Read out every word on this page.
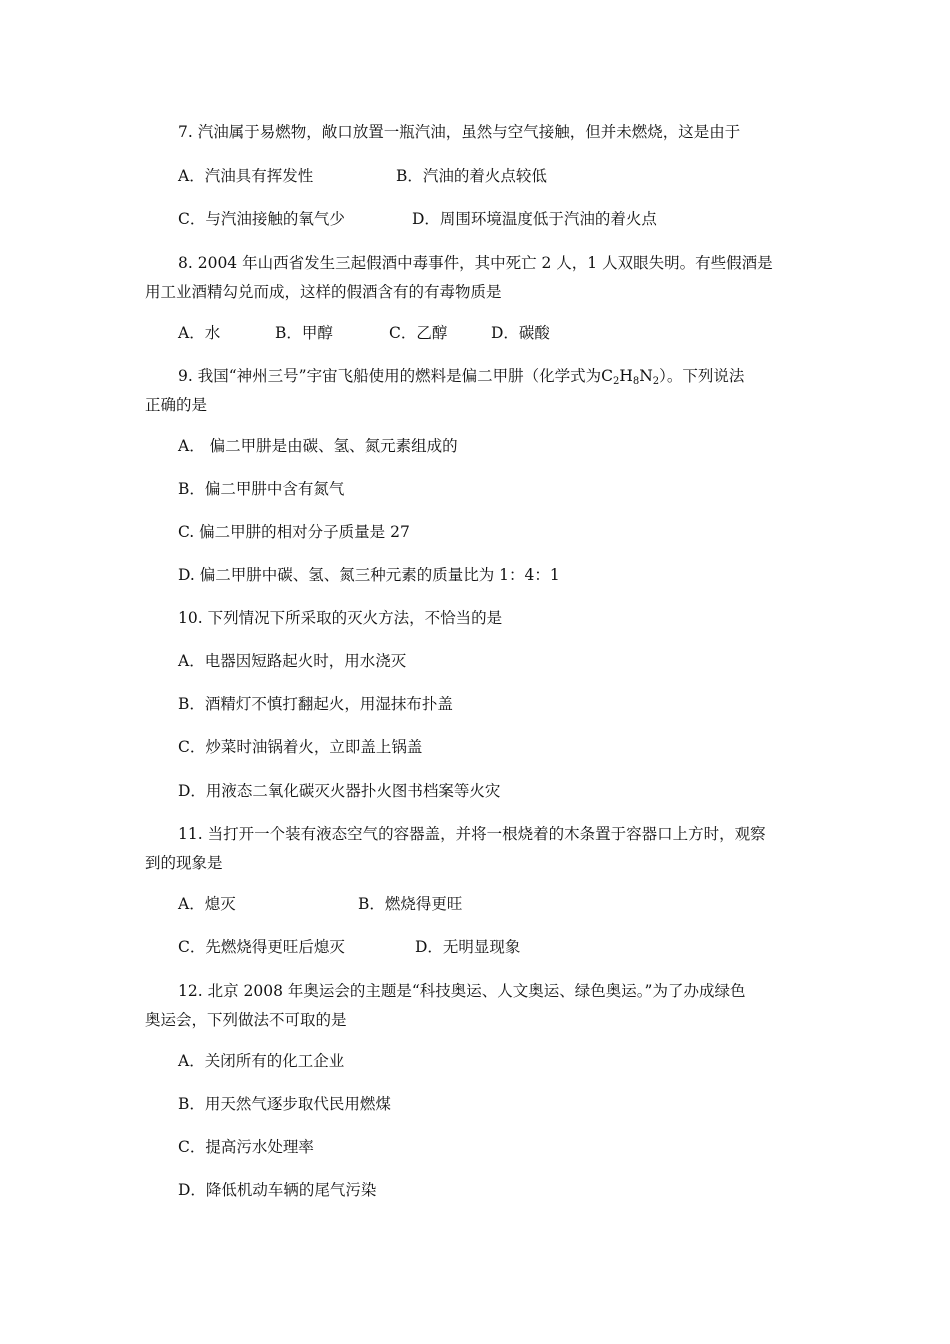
7. 汽油属于易燃物，敞口放置一瓶汽油，虽然与空气接触，但并未燃烧，这是由于
A．汽油具有挥发性	B．汽油的着火点较低
C．与汽油接触的氧气少	D．周围环境温度低于汽油的着火点
8. 2004 年山西省发生三起假酒中毒事件，其中死亡 2 人，1 人双眼失明。有些假酒是
用工业酒精勾兑而成，这样的假酒含有的有毒物质是
A．水	B．甲醇	C．乙醇	D．碳酸
9. 我国“神州三号”宇宙飞船使用的燃料是偏二甲肼（化学式为$C_2H_8N_2$）。下列说法
正确的是
A． 偏二甲肼是由碳、氢、氮元素组成的
B．偏二甲肼中含有氮气
C. 偏二甲肼的相对分子质量是 27
D. 偏二甲肼中碳、氢、氮三种元素的质量比为 1：4：1
10. 下列情况下所采取的灭火方法，不恰当的是
A．电器因短路起火时，用水浇灭
B．酒精灯不慎打翻起火，用湿抹布扑盖
C．炒菜时油锅着火，立即盖上锅盖
D．用液态二氧化碳灭火器扑火图书档案等火灾
11. 当打开一个装有液态空气的容器盖，并将一根烧着的木条置于容器口上方时，观察
到的现象是
A．熄灭	B．燃烧得更旺
C．先燃烧得更旺后熄灭	D．无明显现象
12. 北京 2008 年奥运会的主题是“科技奥运、人文奥运、绿色奥运。”为了办成绿色
奥运会，下列做法不可取的是
A．关闭所有的化工企业
B．用天然气逐步取代民用燃煤
C．提高污水处理率
D．降低机动车辆的尾气污染
